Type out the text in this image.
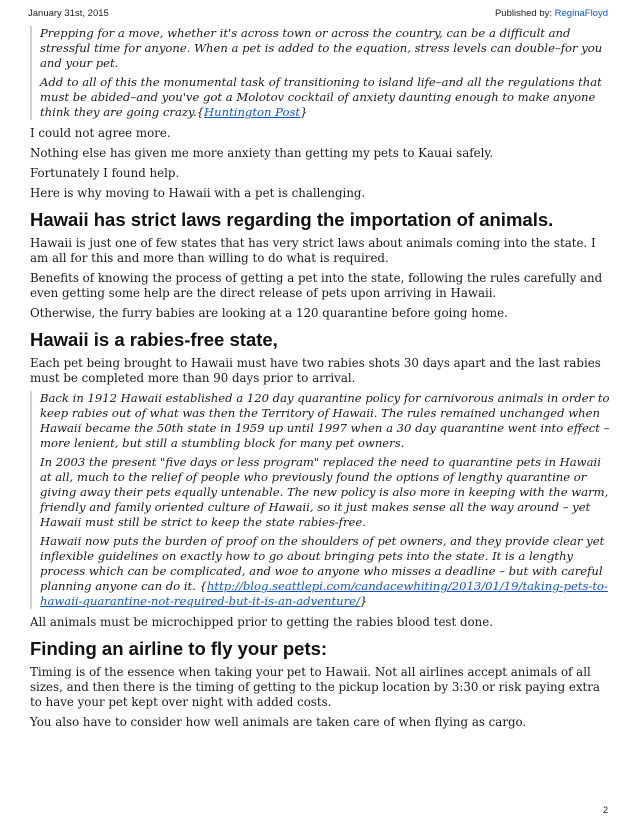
January 31st, 2015	Published by: ReginaFloyd

Prepping for a move, whether it's across town or across the country, can be a difficult and stressful time for anyone. When a pet is added to the equation, stress levels can double–for you and your pet.

Add to all of this the monumental task of transitioning to island life–and all the regulations that must be abided–and you've got a Molotov cocktail of anxiety daunting enough to make anyone think they are going crazy.{Huntington Post}

I could not agree more.

Nothing else has given me more anxiety than getting my pets to Kauai safely.

Fortunately I found help.

Here is why moving to Hawaii with a pet is challenging.

Hawaii has strict laws regarding the importation of animals.

Hawaii is just one of few states that has very strict laws about animals coming into the state. I am all for this and more than willing to do what is required.

Benefits of knowing the process of getting a pet into the state, following the rules carefully and even getting some help are the direct release of pets upon arriving in Hawaii.

Otherwise, the furry babies are looking at a 120 quarantine before going home.

Hawaii is a rabies-free state,

Each pet being brought to Hawaii must have two rabies shots 30 days apart and the last rabies must be completed more than 90 days prior to arrival.

Back in 1912 Hawaii established a 120 day quarantine policy for carnivorous animals in order to keep rabies out of what was then the Territory of Hawaii. The rules remained unchanged when Hawaii became the 50th state in 1959 up until 1997 when a 30 day quarantine went into effect – more lenient, but still a stumbling block for many pet owners.

In 2003 the present "five days or less program" replaced the need to quarantine pets in Hawaii at all, much to the relief of people who previously found the options of lengthy quarantine or giving away their pets equally untenable. The new policy is also more in keeping with the warm, friendly and family oriented culture of Hawaii, so it just makes sense all the way around – yet Hawaii must still be strict to keep the state rabies-free.

Hawaii now puts the burden of proof on the shoulders of pet owners, and they provide clear yet inflexible guidelines on exactly how to go about bringing pets into the state. It is a lengthy process which can be complicated, and woe to anyone who misses a deadline – but with careful planning anyone can do it. {http://blog.seattlepi.com/candacewhiting/2013/01/19/taking-pets-to-hawaii-quarantine-not-required-but-it-is-an-adventure/}

All animals must be microchipped prior to getting the rabies blood test done.

Finding an airline to fly your pets:

Timing is of the essence when taking your pet to Hawaii. Not all airlines accept animals of all sizes, and then there is the timing of getting to the pickup location by 3:30 or risk paying extra to have your pet kept over night with added costs.

You also have to consider how well animals are taken care of when flying as cargo.

2
